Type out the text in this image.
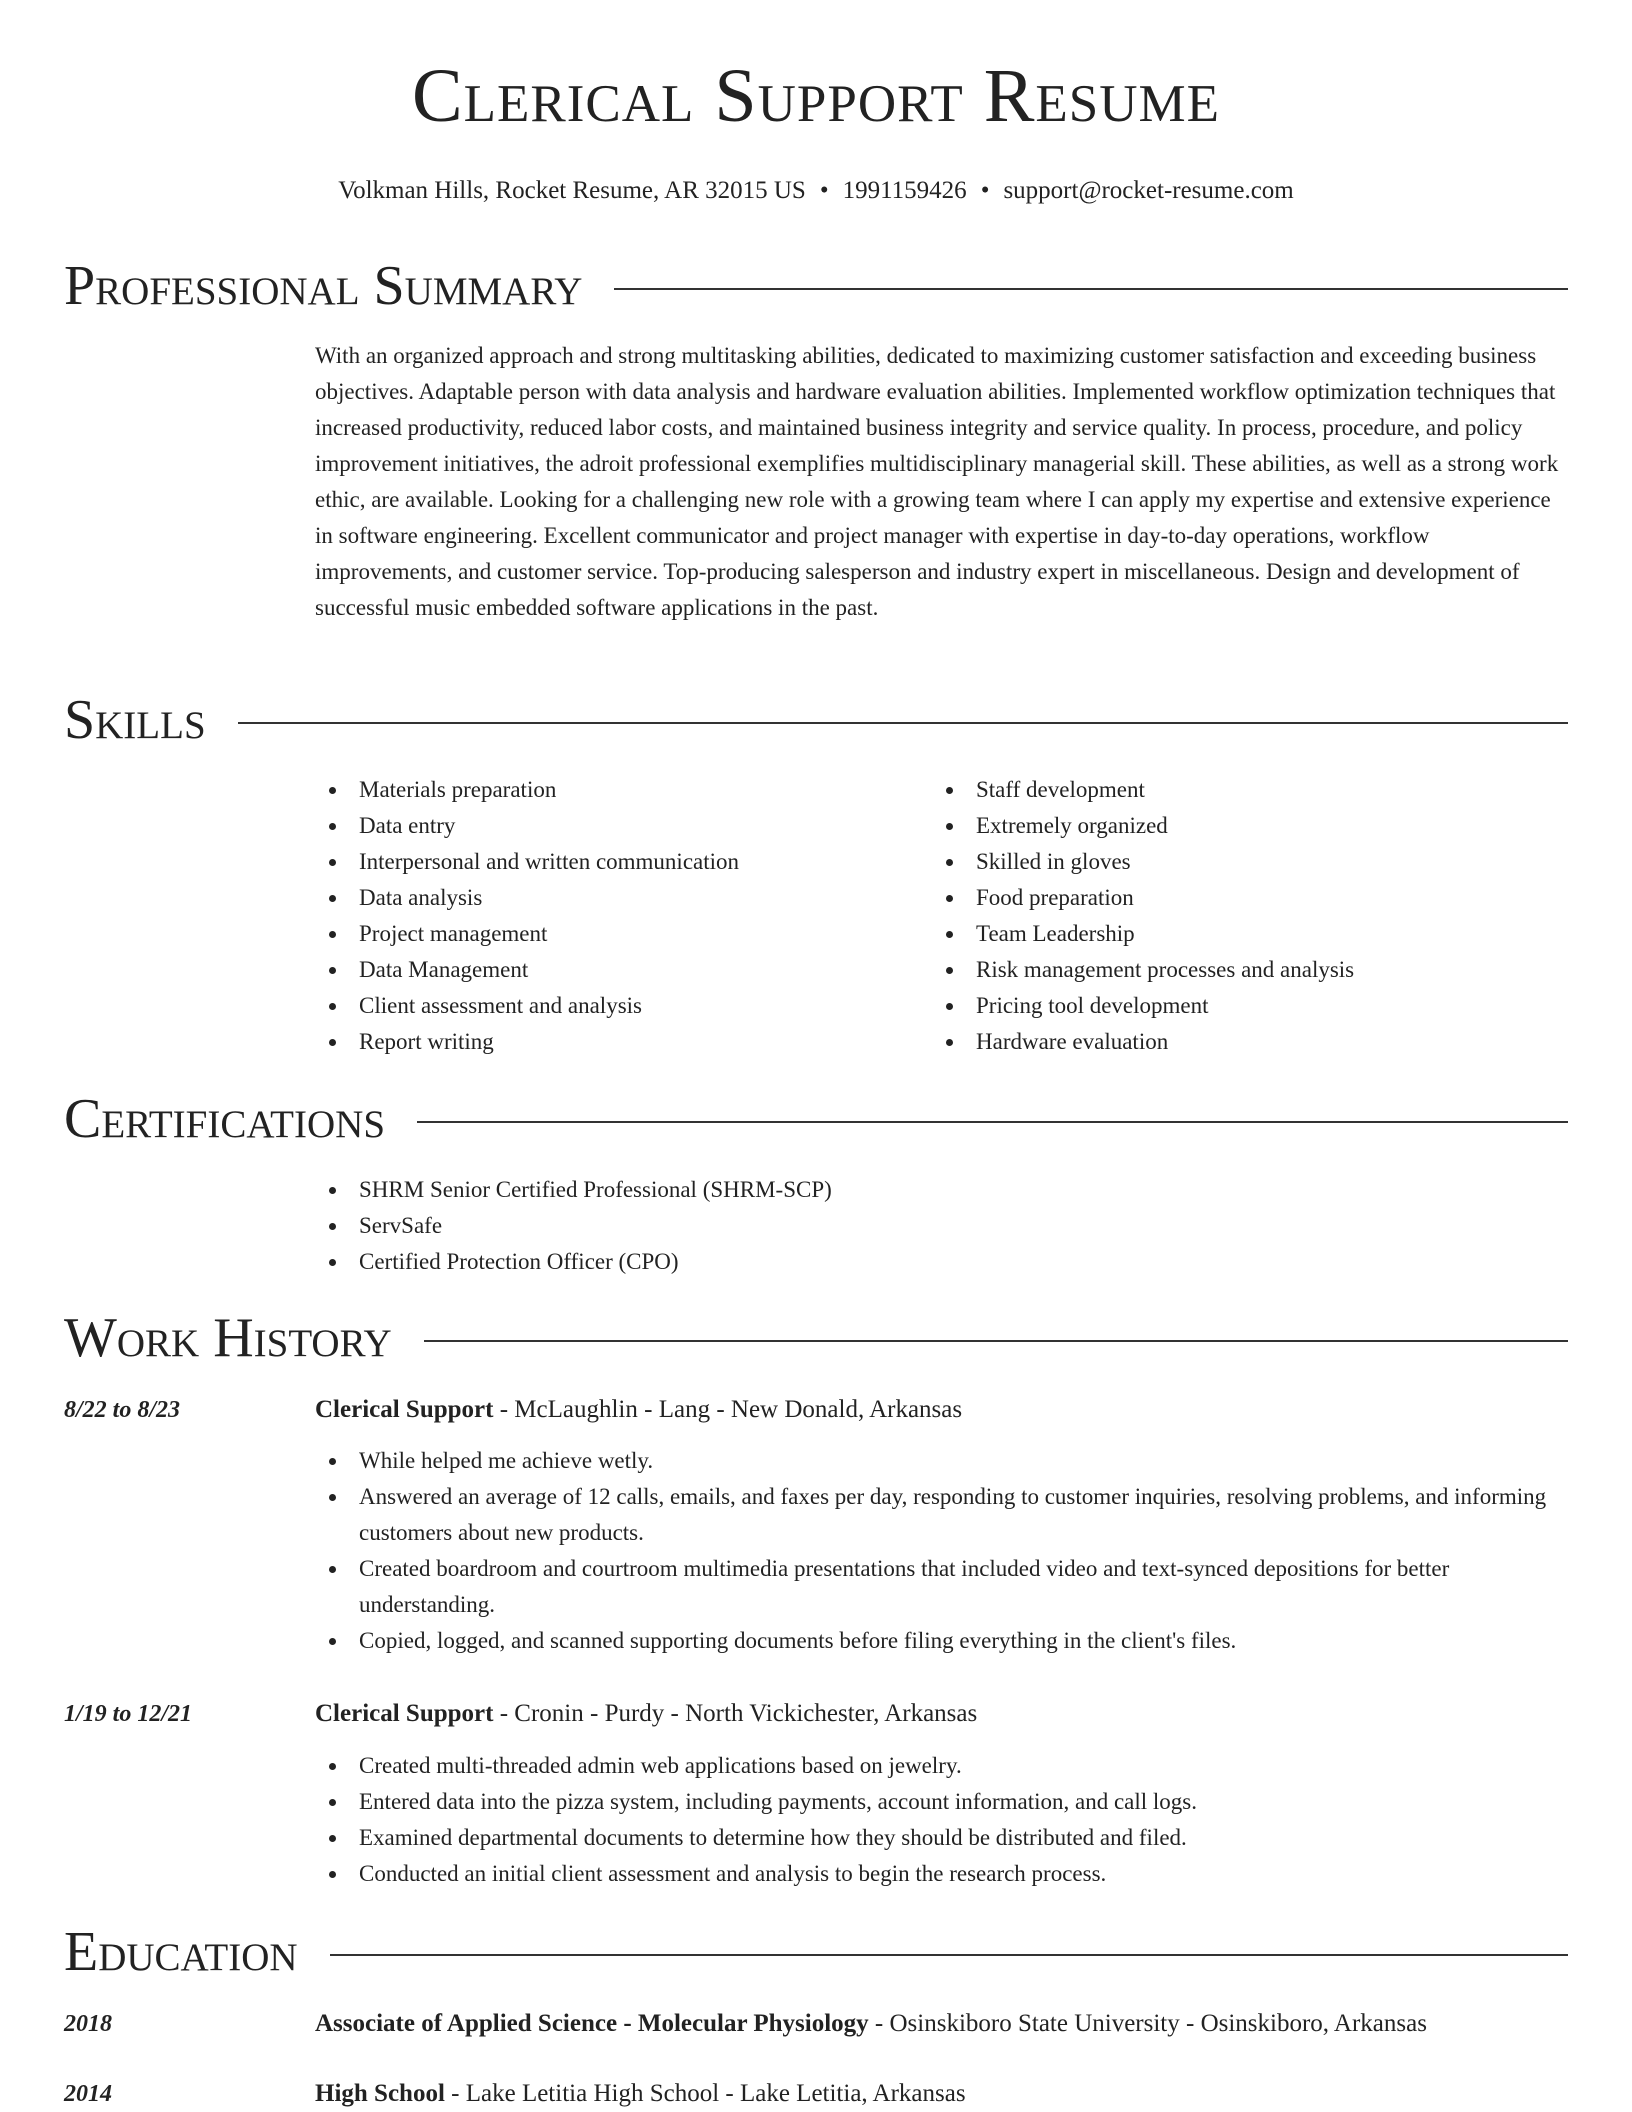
Clerical Support Resume
Volkman Hills, Rocket Resume, AR 32015 US • 1991159426 • support@rocket-resume.com
Professional Summary
With an organized approach and strong multitasking abilities, dedicated to maximizing customer satisfaction and exceeding business objectives. Adaptable person with data analysis and hardware evaluation abilities. Implemented workflow optimization techniques that increased productivity, reduced labor costs, and maintained business integrity and service quality. In process, procedure, and policy improvement initiatives, the adroit professional exemplifies multidisciplinary managerial skill. These abilities, as well as a strong work ethic, are available. Looking for a challenging new role with a growing team where I can apply my expertise and extensive experience in software engineering. Excellent communicator and project manager with expertise in day-to-day operations, workflow improvements, and customer service. Top-producing salesperson and industry expert in miscellaneous. Design and development of successful music embedded software applications in the past.
Skills
Materials preparation
Data entry
Interpersonal and written communication
Data analysis
Project management
Data Management
Client assessment and analysis
Report writing
Staff development
Extremely organized
Skilled in gloves
Food preparation
Team Leadership
Risk management processes and analysis
Pricing tool development
Hardware evaluation
Certifications
SHRM Senior Certified Professional (SHRM-SCP)
ServSafe
Certified Protection Officer (CPO)
Work History
8/22 to 8/23	Clerical Support - McLaughlin - Lang - New Donald, Arkansas
While helped me achieve wetly.
Answered an average of 12 calls, emails, and faxes per day, responding to customer inquiries, resolving problems, and informing customers about new products.
Created boardroom and courtroom multimedia presentations that included video and text-synced depositions for better understanding.
Copied, logged, and scanned supporting documents before filing everything in the client's files.
1/19 to 12/21	Clerical Support - Cronin - Purdy - North Vickichester, Arkansas
Created multi-threaded admin web applications based on jewelry.
Entered data into the pizza system, including payments, account information, and call logs.
Examined departmental documents to determine how they should be distributed and filed.
Conducted an initial client assessment and analysis to begin the research process.
Education
2018	Associate of Applied Science - Molecular Physiology - Osinskiboro State University - Osinskiboro, Arkansas
2014	High School - Lake Letitia High School - Lake Letitia, Arkansas
